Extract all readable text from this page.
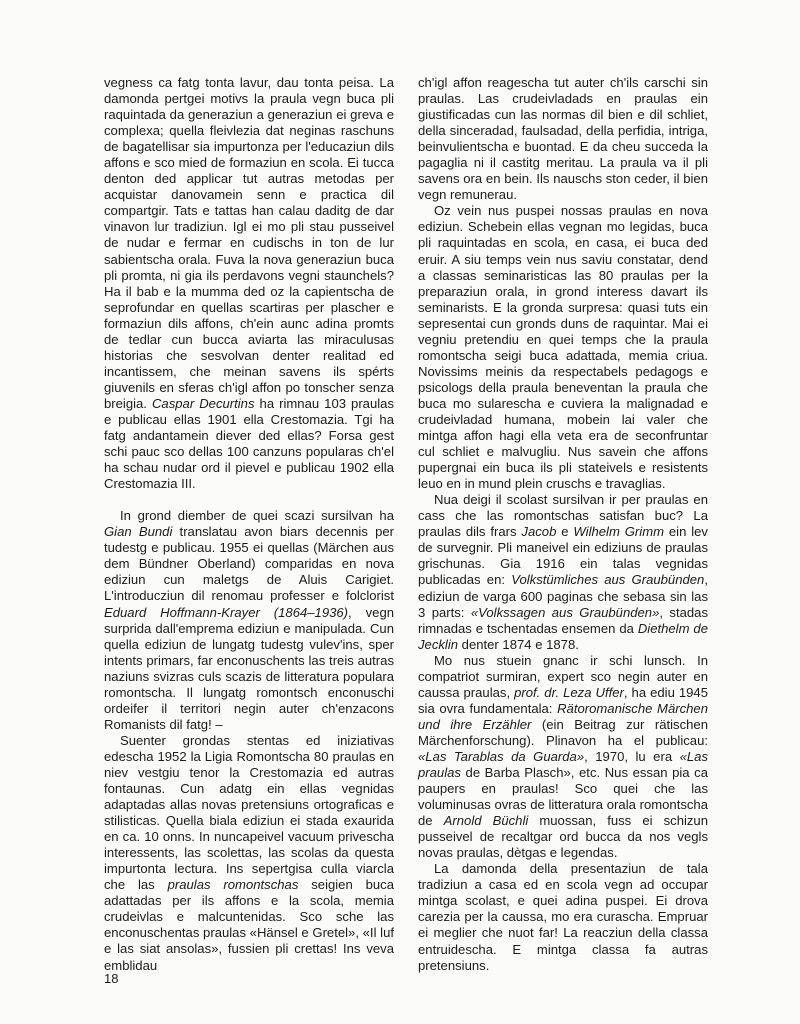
vegness ca fatg tonta lavur, dau tonta peisa. La damonda pertgei motivs la praula vegn buca pli raquintada da generaziun a generaziun ei greva e complexa; quella fleivlezia dat neginas raschuns de bagatellisar sia impurtonza per l'educaziun dils affons e sco mied de formaziun en scola. Ei tucca denton ded applicar tut autras metodas per acquistar danovamein senn e practica dil compartgir. Tats e tattas han calau daditg de dar vinavon lur tradiziun. Igl ei mo pli stau pusseivel de nudar e fermar en cudischs in ton de lur sabientscha orala. Fuva la nova generaziun buca pli promta, ni gia ils perdavons vegni staunchels? Ha il bab e la mumma ded oz la capientscha de seprofundar en quellas scartiras per plascher e formaziun dils affons, ch'ein aunc adina promts de tedlar cun bucca aviarta las miraculusas historias che sesvolvan denter realitad ed incantissem, che meinan savens ils spérts giuvenils en sferas ch'igl affon po tonscher senza breigia. Caspar Decurtins ha rimnau 103 praulas e publicau ellas 1901 ella Crestomazia. Tgi ha fatg andantamein diever ded ellas? Forsa gest schi pauc sco dellas 100 canzuns popularas ch'el ha schau nudar ord il pievel e publicau 1902 ella Crestomazia III.

In grond diember de quei scazi sursilvan ha Gian Bundi translatau avon biars decennis per tudestg e publicau. 1955 ei quellas (Märchen aus dem Bündner Oberland) comparidas en nova ediziun cun maletgs de Aluis Carigiet. L'introducziun dil renomau professer e folclorist Eduard Hoffmann-Krayer (1864–1936), vegn surprida dall'emprema ediziun e manipulada. Cun quella ediziun de lungatg tudestg vulev'ins, sper intents primars, far enconuschents las treis autras naziuns svizras culs scazis de litteratura populara romontscha. Il lungatg romontsch enconuschi ordeifer il territori negin auter ch'enzacons Romanists dil fatg! –

Suenter grondas stentas ed iniziativas edescha 1952 la Ligia Romontscha 80 praulas en niev vestgiu tenor la Crestomazia ed autras fontaunas. Cun adatg ein ellas vegnidas adaptadas allas novas pretensiuns ortograficas e stilisticas. Quella biala ediziun ei stada exaurida en ca. 10 onns. In nuncapeivel vacuum privescha interessents, las scolettas, las scolas da questa impurtonta lectura. Ins sepertgisa culla viarcla che las praulas romontschas seigien buca adattadas per ils affons e la scola, memia crudeivlas e malcuntenidas. Sco sche las enconuschentas praulas «Hänsel e Gretel», «Il luf e las siat ansolas», fussien pli crettas! Ins veva emblidau

ch'igl affon reagescha tut auter ch'ils carschi sin praulas. Las crudeivladads en praulas ein giustificadas cun las normas dil bien e dil schliet, della sinceradad, faulsadad, della perfidia, intriga, beinvulientscha e buontad. E da cheu succeda la pagaglia ni il castitg meritau. La praula va il pli savens ora en bein. Ils nauschs ston ceder, il bien vegn remunerau.

Oz vein nus puspei nossas praulas en nova ediziun. Schebein ellas vegnan mo legidas, buca pli raquintadas en scola, en casa, ei buca ded eruir. A siu temps vein nus saviu constatar, dend a classas seminaristicas las 80 praulas per la preparaziun orala, in grond interess davart ils seminarists. E la gronda surpresa: quasi tuts ein sepresentai cun gronds duns de raquintar. Mai ei vegniu pretendiu en quei temps che la praula romontscha seigi buca adattada, memia criua. Novissims meinis da respectabels pedagogs e psicologs della praula beneventan la praula che buca mo sularescha e cuviera la malignadad e crudeivladad humana, mobein lai valer che mintga affon hagi ella veta era de seconfruntar cul schliet e malvugliu. Nus savein che affons pupergnai ein buca ils pli stateivels e resistents leuo en in mund plein cruschs e travaglias.

Nua deigi il scolast sursilvan ir per praulas en cass che las romontschas satisfan buc? La praulas dils frars Jacob e Wilhelm Grimm ein lev de survegnir. Pli maneivel ein ediziuns de praulas grischunas. Gia 1916 ein talas vegnidas publicadas en: Volkstümliches aus Graubünden, ediziun de varga 600 paginas che sebasa sin las 3 parts: «Volkssagen aus Graubünden», stadas rimnadas e tschentadas ensemen da Diethelm de Jecklin denter 1874 e 1878.

Mo nus stuein gnanc ir schi lunsch. In compatriot surmiran, expert sco negin auter en caussa praulas, prof. dr. Leza Uffer, ha ediu 1945 sia ovra fundamentala: Rätoromanische Märchen und ihre Erzähler (ein Beitrag zur rätischen Märchenforschung). Plinavon ha el publicau: «Las Tarablas da Guarda», 1970, lu era «Las praulas de Barba Plasch», etc. Nus essan pia ca paupers en praulas! Sco quei che las voluminusas ovras de litteratura orala romontscha de Arnold Büchli muossan, fuss ei schizun pusseivel de recaltgar ord bucca da nos vegls novas praulas, dètgas e legendas.

La damonda della presentaziun de tala tradiziun a casa ed en scola vegn ad occupar mintga scolast, e quei adina puspei. Ei drova carezia per la caussa, mo era curascha. Empruar ei meglier che nuot far! La reacziun della classa entruidescha. E mintga classa fa autras pretensiuns.

18
